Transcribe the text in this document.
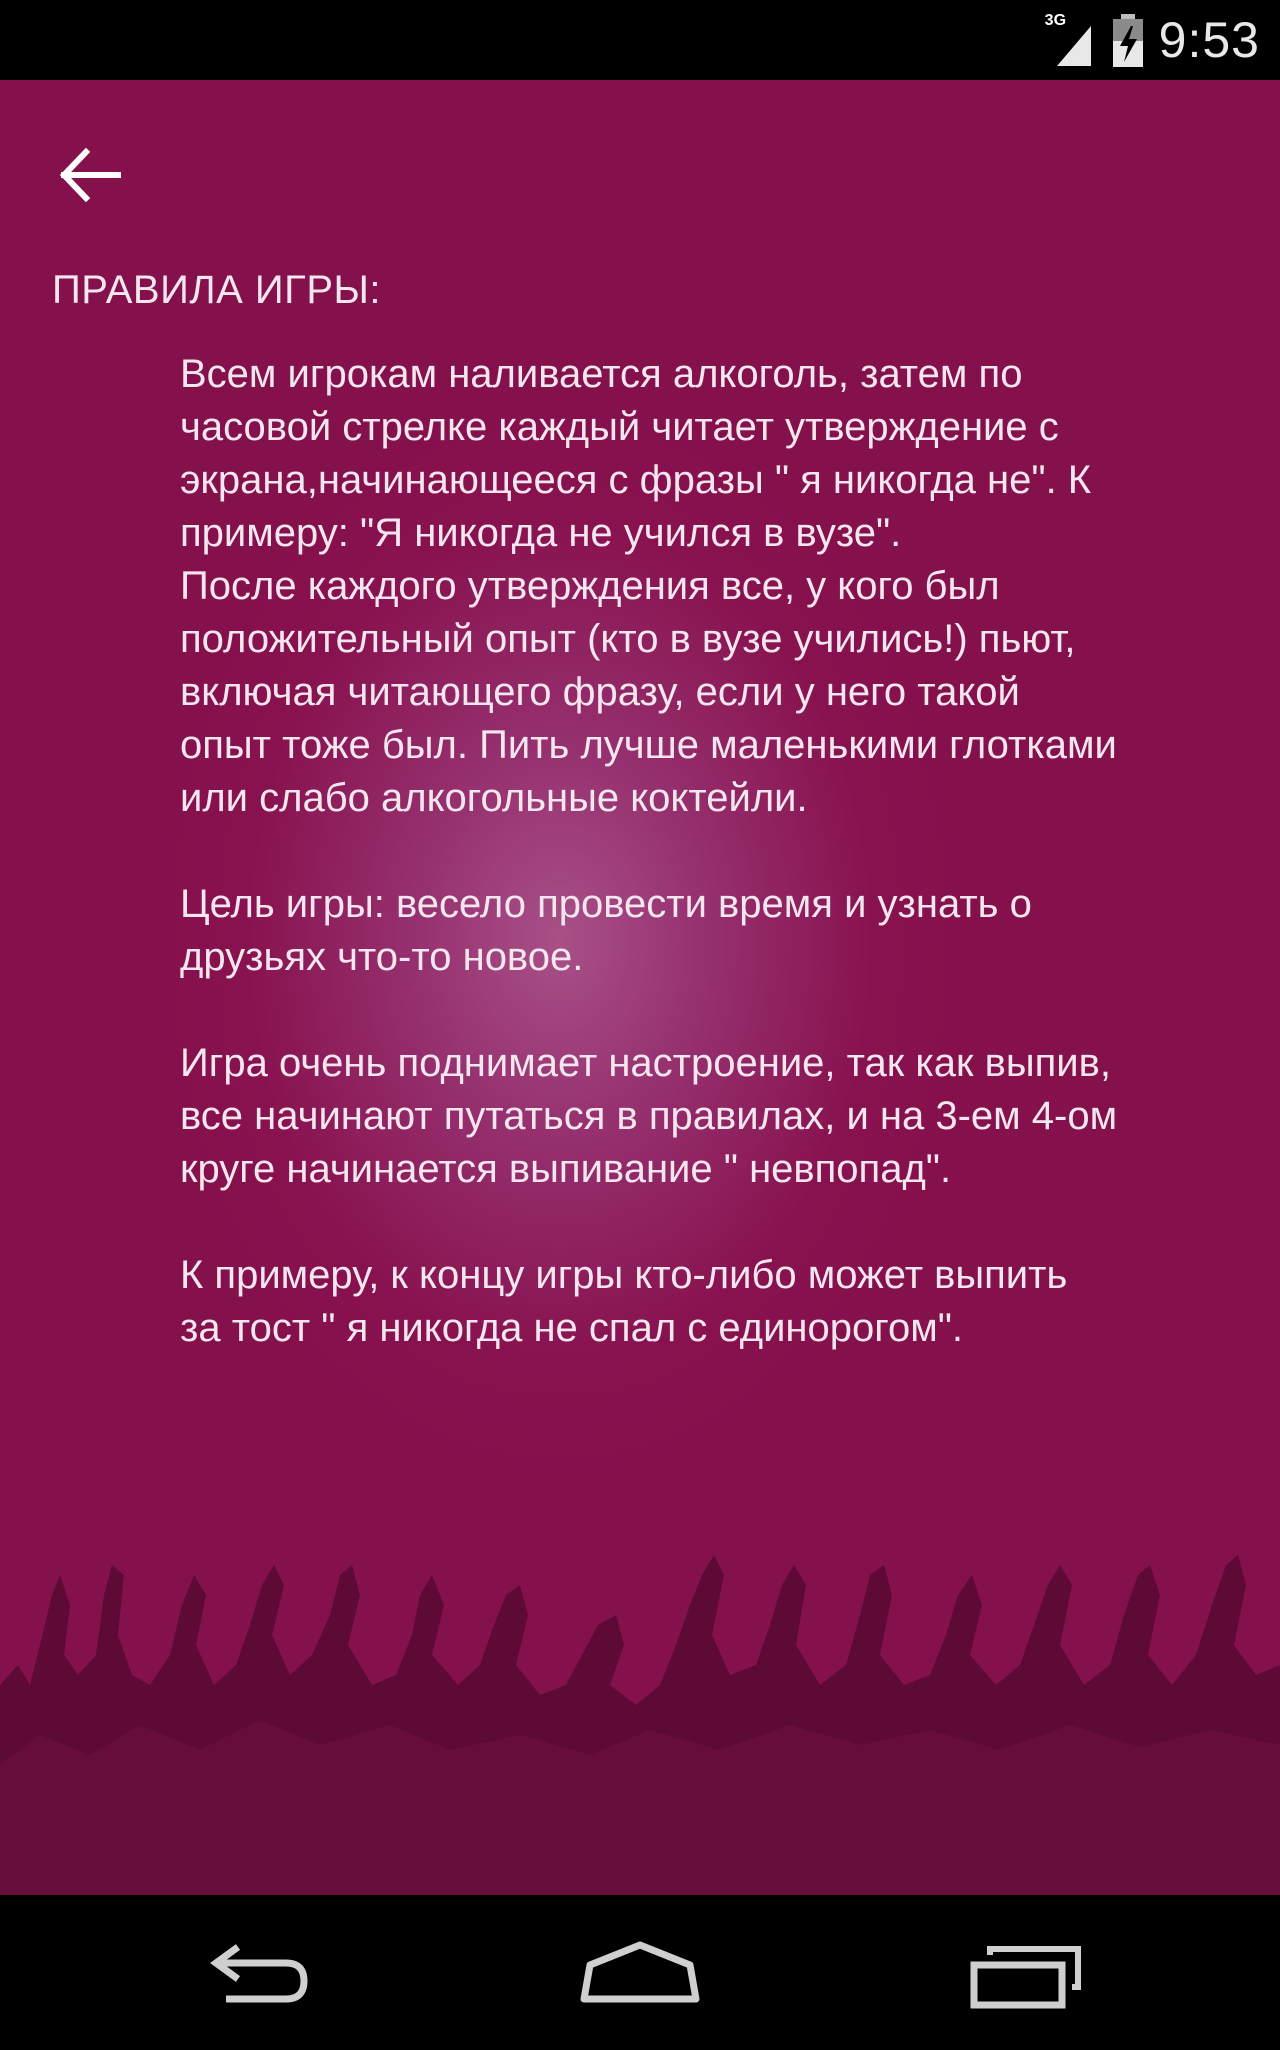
3G 9:53
ПРАВИЛА ИГРЫ:

Всем игрокам наливается алкоголь, затем по
часовой стрелке каждый читает утверждение с
экрана,начинающееся с фразы " я никогда не". К
примеру: "Я никогда не учился в вузе".
После каждого утверждения все, у кого был
положительный опыт (кто в вузе учились!) пьют,
включая читающего фразу, если у него такой
опыт тоже был. Пить лучше маленькими глотками
или слабо алкогольные коктейли.

Цель игры: весело провести время и узнать о
друзьях что-то новое.

Игра очень поднимает настроение, так как выпив,
все начинают путаться в правилах, и на 3-ем 4-ом
круге начинается выпивание " невпопад".

К примеру, к концу игры кто-либо может выпить
за тост " я никогда не спал с единорогом".
